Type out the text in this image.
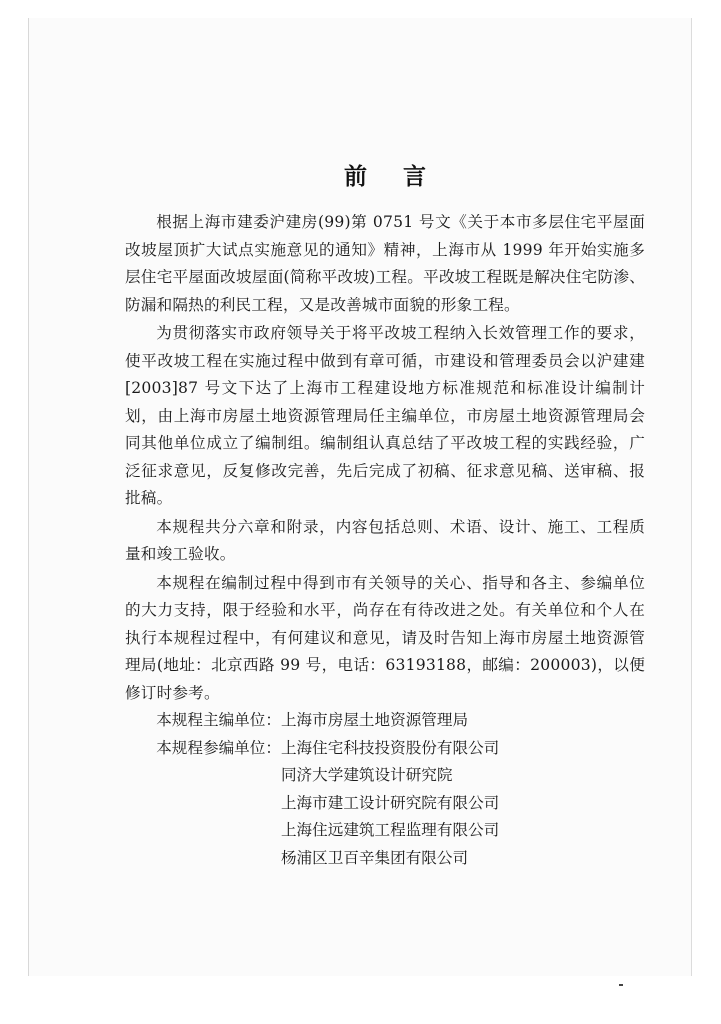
前 言

根据上海市建委沪建房(99)第 0751 号文《关于本市多层住宅平屋面改坡屋顶扩大试点实施意见的通知》精神，上海市从 1999 年开始实施多层住宅平屋面改坡屋面(简称平改坡)工程。平改坡工程既是解决住宅防渗、防漏和隔热的利民工程，又是改善城市面貌的形象工程。

为贯彻落实市政府领导关于将平改坡工程纳入长效管理工作的要求，使平改坡工程在实施过程中做到有章可循，市建设和管理委员会以沪建建[2003]87 号文下达了上海市工程建设地方标准规范和标准设计编制计划，由上海市房屋土地资源管理局任主编单位，市房屋土地资源管理局会同其他单位成立了编制组。编制组认真总结了平改坡工程的实践经验，广泛征求意见，反复修改完善，先后完成了初稿、征求意见稿、送审稿、报批稿。

本规程共分六章和附录，内容包括总则、术语、设计、施工、工程质量和竣工验收。

本规程在编制过程中得到市有关领导的关心、指导和各主、参编单位的大力支持，限于经验和水平，尚存在有待改进之处。有关单位和个人在执行本规程过程中，有何建议和意见，请及时告知上海市房屋土地资源管理局(地址：北京西路 99 号，电话：63193188，邮编：200003)，以便修订时参考。

本规程主编单位： 上海市房屋土地资源管理局
本规程参编单位： 上海住宅科技投资股份有限公司
同济大学建筑设计研究院
上海市建工设计研究院有限公司
上海住远建筑工程监理有限公司
杨浦区卫百辛集团有限公司
